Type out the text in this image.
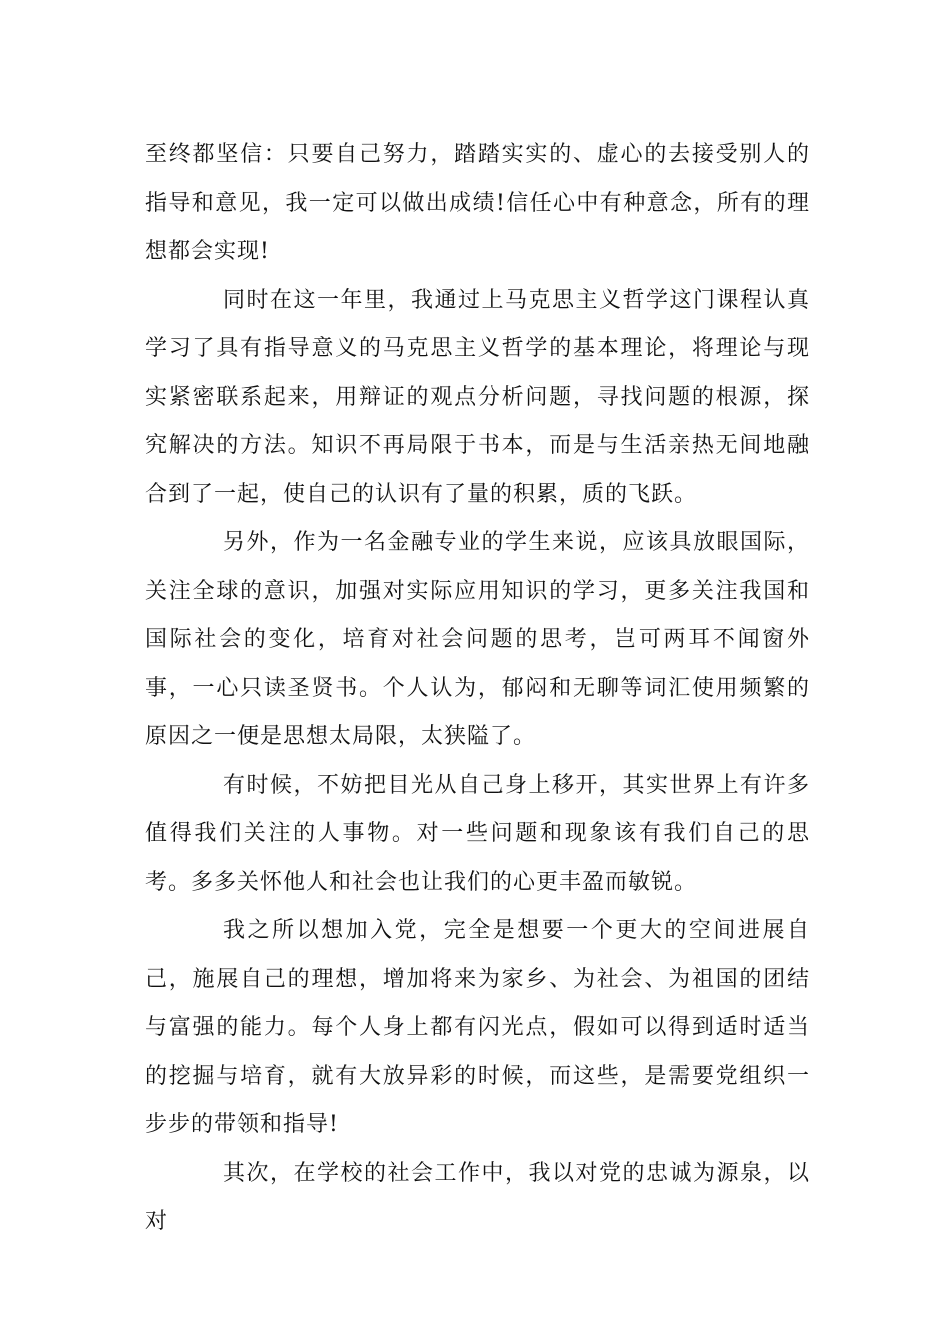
至终都坚信：只要自己努力，踏踏实实的、虚心的去接受别人的指导和意见，我一定可以做出成绩!信任心中有种意念，所有的理想都会实现!

同时在这一年里，我通过上马克思主义哲学这门课程认真学习了具有指导意义的马克思主义哲学的基本理论，将理论与现实紧密联系起来，用辩证的观点分析问题，寻找问题的根源，探究解决的方法。知识不再局限于书本，而是与生活亲热无间地融合到了一起，使自己的认识有了量的积累，质的飞跃。

另外，作为一名金融专业的学生来说，应该具放眼国际，关注全球的意识，加强对实际应用知识的学习，更多关注我国和国际社会的变化，培育对社会问题的思考，岂可两耳不闻窗外事，一心只读圣贤书。个人认为，郁闷和无聊等词汇使用频繁的原因之一便是思想太局限，太狭隘了。

有时候，不妨把目光从自己身上移开，其实世界上有许多值得我们关注的人事物。对一些问题和现象该有我们自己的思考。多多关怀他人和社会也让我们的心更丰盈而敏锐。

我之所以想加入党，完全是想要一个更大的空间进展自己，施展自己的理想，增加将来为家乡、为社会、为祖国的团结与富强的能力。每个人身上都有闪光点，假如可以得到适时适当的挖掘与培育，就有大放异彩的时候，而这些，是需要党组织一步步的带领和指导!

其次，在学校的社会工作中，我以对党的忠诚为源泉，以对
